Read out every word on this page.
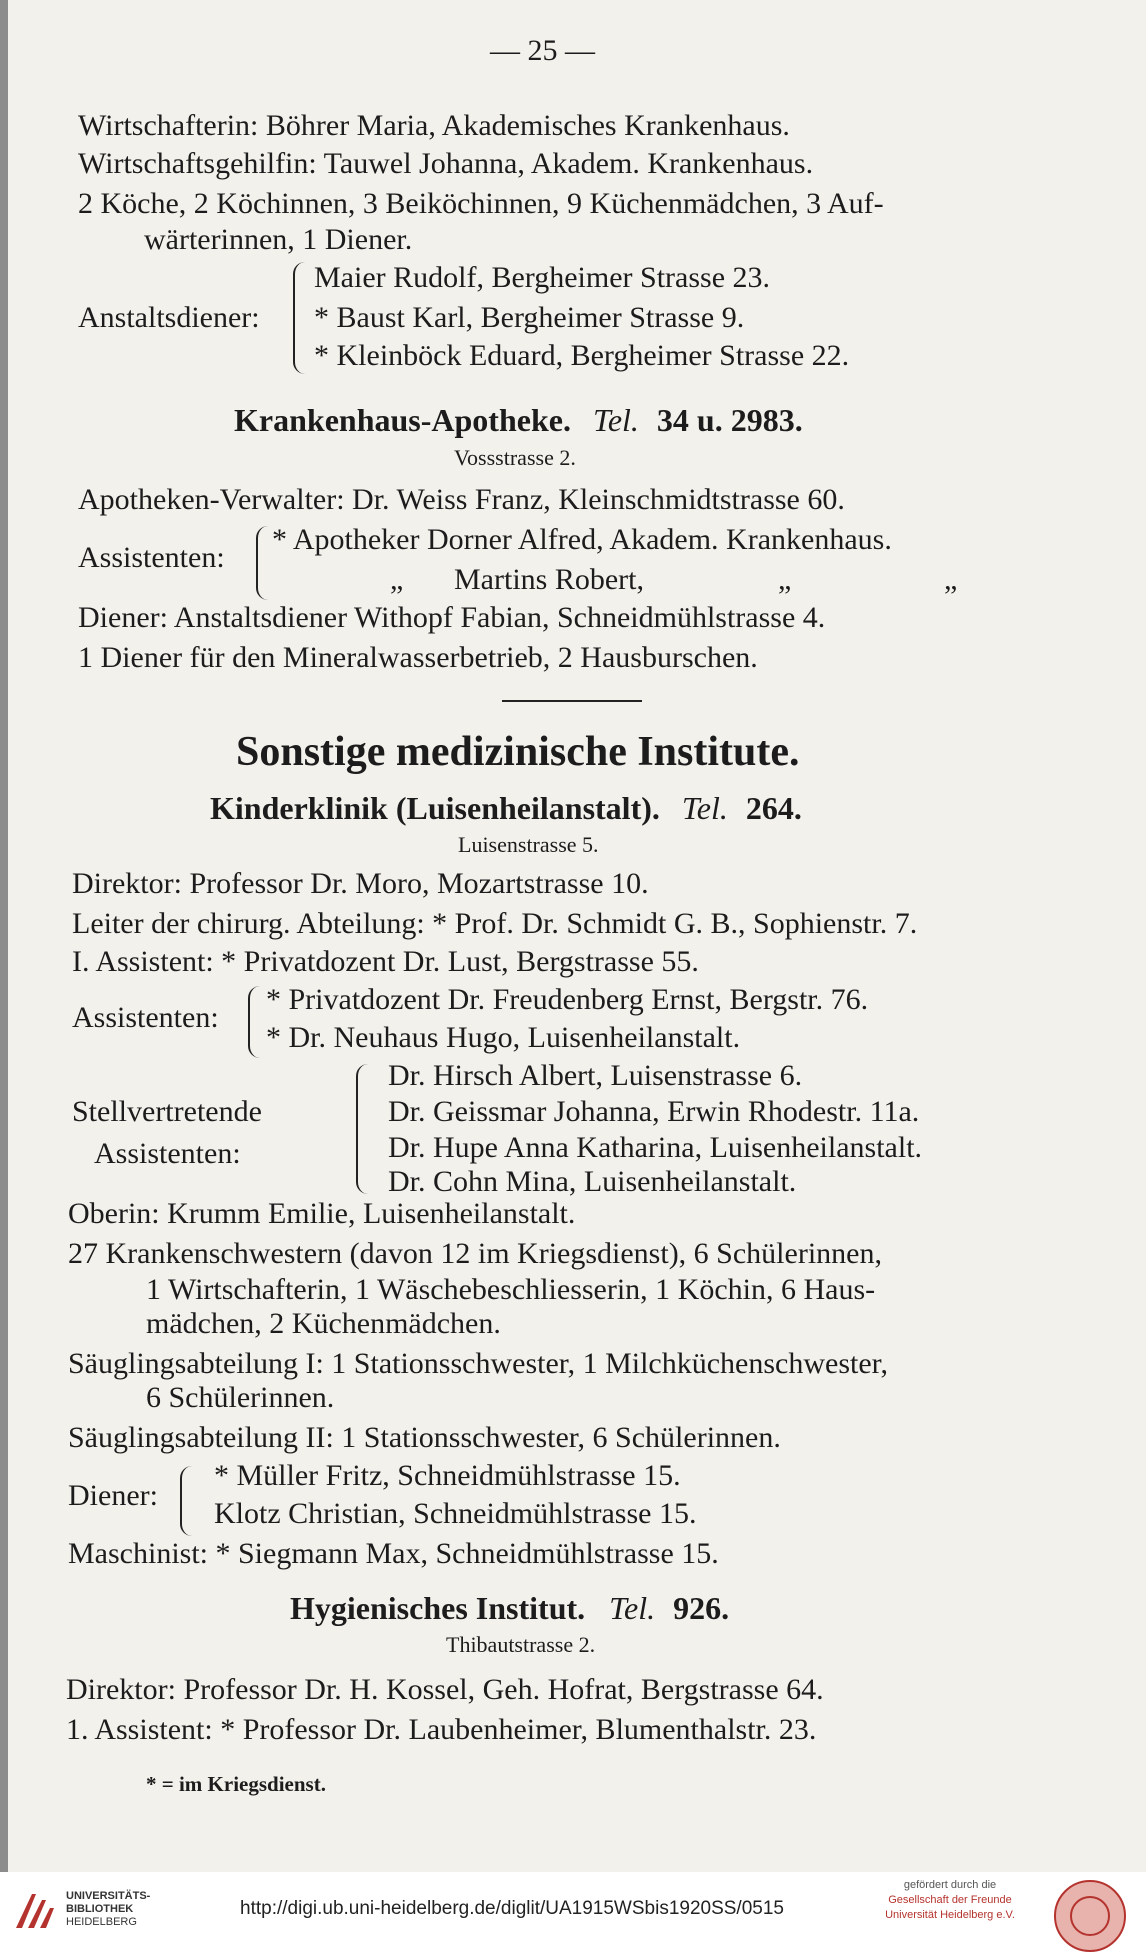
— 25 —
Wirtschafterin: Böhrer Maria, Akademisches Krankenhaus.
Wirtschaftsgehilfin: Tauwel Johanna, Akadem. Krankenhaus.
2 Köche, 2 Köchinnen, 3 Beiköchinnen, 9 Küchenmädchen, 3 Auf-
wärterinnen, 1 Diener.
Anstaltsdiener:
Maier Rudolf, Bergheimer Strasse 23.
* Baust Karl, Bergheimer Strasse 9.
* Kleinböck Eduard, Bergheimer Strasse 22.
Krankenhaus-Apotheke. Tel. 34 u. 2983.
Vossstrasse 2.
Apotheken-Verwalter: Dr. Weiss Franz, Kleinschmidtstrasse 60.
Assistenten:
* Apotheker Dorner Alfred, Akadem. Krankenhaus.
„ Martins Robert,	„	„
Diener: Anstaltsdiener Withopf Fabian, Schneidmühlstrasse 4.
1 Diener für den Mineralwasserbetrieb, 2 Hausburschen.
Sonstige medizinische Institute.
Kinderklinik (Luisenheilanstalt). Tel. 264.
Luisenstrasse 5.
Direktor: Professor Dr. Moro, Mozartstrasse 10.
Leiter der chirurg. Abteilung: * Prof. Dr. Schmidt G. B., Sophienstr. 7.
I. Assistent: * Privatdozent Dr. Lust, Bergstrasse 55.
Assistenten:
* Privatdozent Dr. Freudenberg Ernst, Bergstr. 76.
* Dr. Neuhaus Hugo, Luisenheilanstalt.
Stellvertretende
Assistenten:
Dr. Hirsch Albert, Luisenstrasse 6.
Dr. Geissmar Johanna, Erwin Rhodestr. 11a.
Dr. Hupe Anna Katharina, Luisenheilanstalt.
Dr. Cohn Mina, Luisenheilanstalt.
Oberin: Krumm Emilie, Luisenheilanstalt.
27 Krankenschwestern (davon 12 im Kriegsdienst), 6 Schülerinnen,
1 Wirtschafterin, 1 Wäschebeschliesserin, 1 Köchin, 6 Haus-
mädchen, 2 Küchenmädchen.
Säuglingsabteilung I: 1 Stationsschwester, 1 Milchküchenschwester,
6 Schülerinnen.
Säuglingsabteilung II: 1 Stationsschwester, 6 Schülerinnen.
Diener:
* Müller Fritz, Schneidmühlstrasse 15.
Klotz Christian, Schneidmühlstrasse 15.
Maschinist: * Siegmann Max, Schneidmühlstrasse 15.
Hygienisches Institut. Tel. 926.
Thibautstrasse 2.
Direktor: Professor Dr. H. Kossel, Geh. Hofrat, Bergstrasse 64.
1. Assistent: * Professor Dr. Laubenheimer, Blumenthalstr. 23.
* = im Kriegsdienst.
UNIVERSITÄTS-
BIBLIOTHEK
HEIDELBERG
http://digi.ub.uni-heidelberg.de/diglit/UA1915WSbis1920SS/0515
gefördert durch die
Gesellschaft der Freunde
Universität Heidelberg e.V.
